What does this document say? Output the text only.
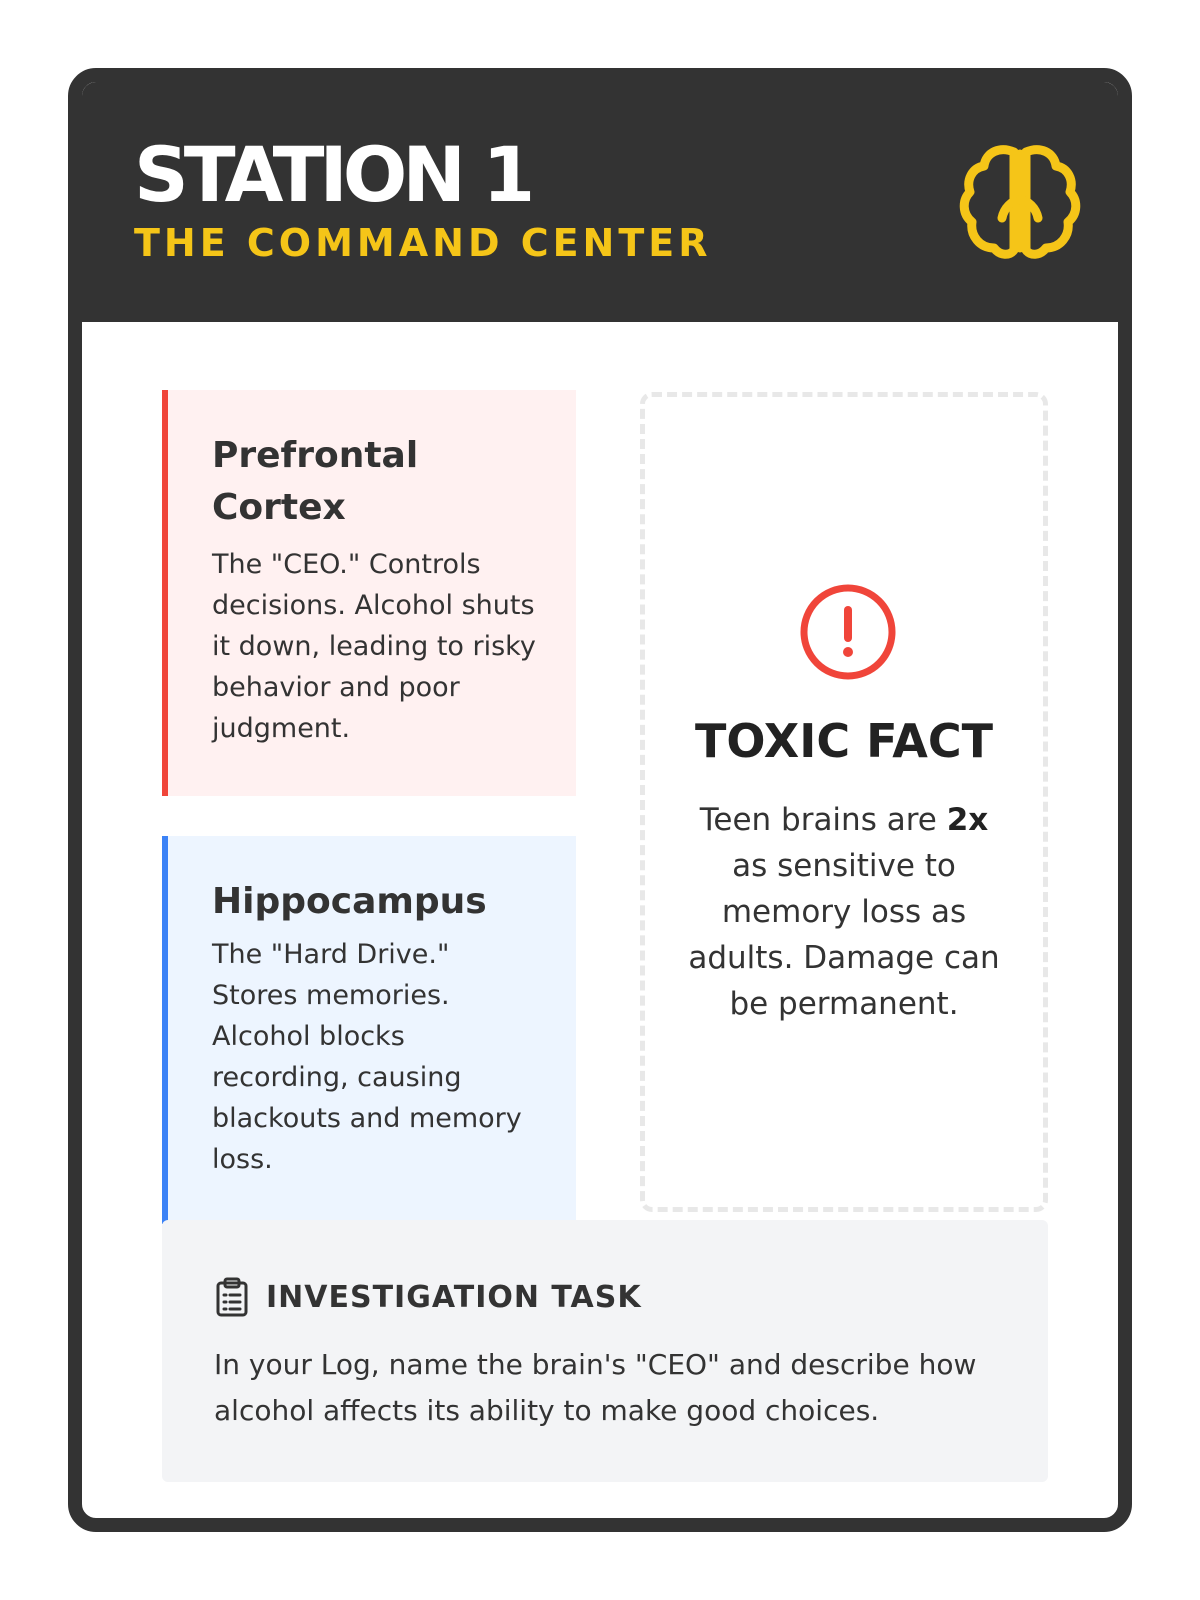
STATION 1
THE COMMAND CENTER
Prefrontal Cortex
The "CEO." Controls decisions. Alcohol shuts it down, leading to risky behavior and poor judgment.
Hippocampus
The "Hard Drive." Stores memories. Alcohol blocks recording, causing blackouts and memory loss.
TOXIC FACT
Teen brains are 2x as sensitive to memory loss as adults. Damage can be permanent.
INVESTIGATION TASK
In your Log, name the brain's "CEO" and describe how alcohol affects its ability to make good choices.
